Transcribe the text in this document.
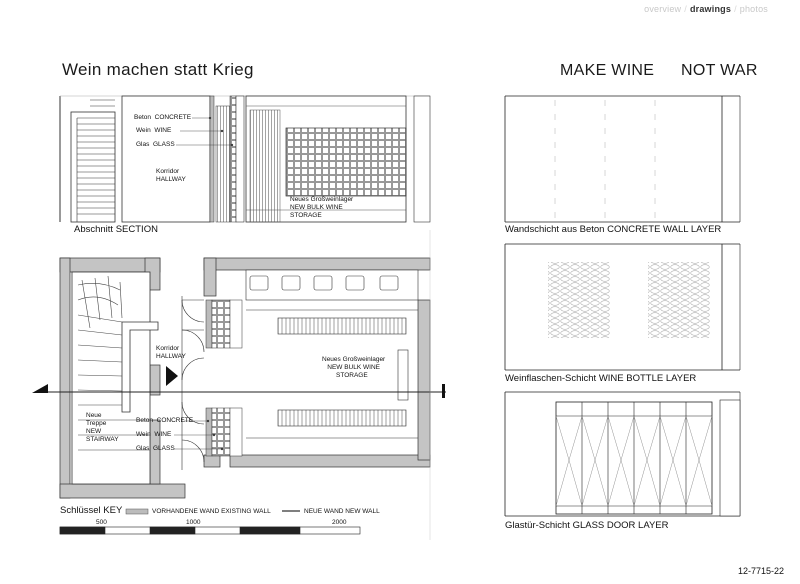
overview / drawings / photos
Wein machen statt Krieg	MAKE WINE NOT WAR
Beton CONCRETE
Wein WINE
Glas GLASS
Korridor
HALLWAY
Neues Großweinlager
NEW BULK WINE
STORAGE
Abschnitt SECTION
Korridor
HALLWAY	Neues Großweinlager
NEW BULK WINE
STORAGE
Neue
Treppe
NEW
STAIRWAY
Beton CONCRETE
Wein WINE
Glas GLASS
Schlüssel KEY	VORHANDENE WAND EXISTING WALL	NEUE WAND NEW WALL
500	1000	2000
Wandschicht aus Beton CONCRETE WALL LAYER
Weinflaschen-Schicht WINE BOTTLE LAYER
Glastür-Schicht GLASS DOOR LAYER
12-7715-22
